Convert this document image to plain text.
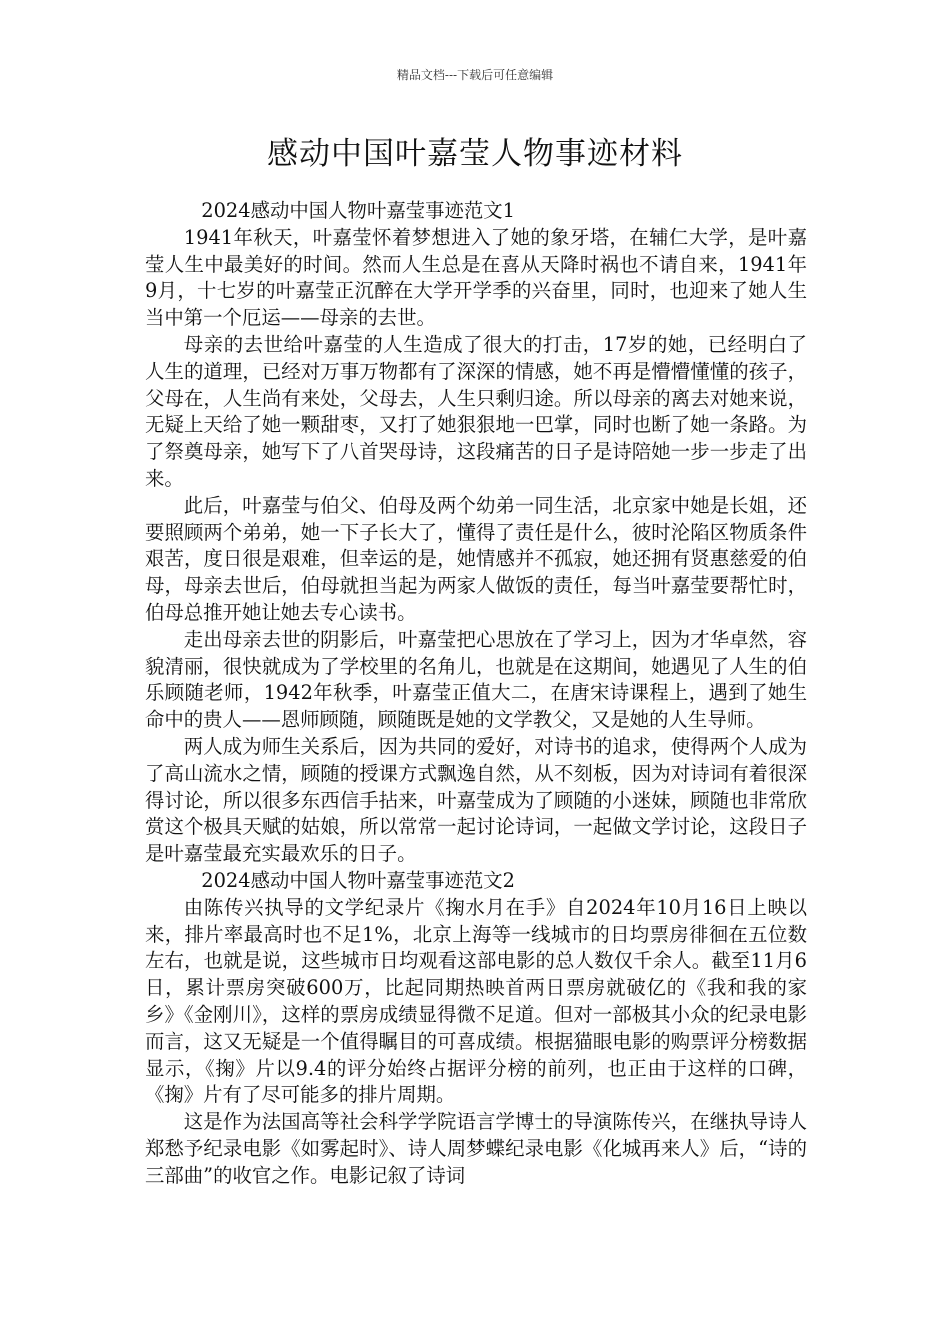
精品文档---下载后可任意编辑
感动中国叶嘉莹人物事迹材料

2024感动中国人物叶嘉莹事迹范文1

1941年秋天，叶嘉莹怀着梦想进入了她的象牙塔，在辅仁大学，是叶嘉莹人生中最美好的时间。然而人生总是在喜从天降时祸也不请自来，1941年9月，十七岁的叶嘉莹正沉醉在大学开学季的兴奋里，同时，也迎来了她人生当中第一个厄运——母亲的去世。

母亲的去世给叶嘉莹的人生造成了很大的打击，17岁的她，已经明白了人生的道理，已经对万事万物都有了深深的情感，她不再是懵懵懂懂的孩子，父母在，人生尚有来处，父母去，人生只剩归途。所以母亲的离去对她来说，无疑上天给了她一颗甜枣，又打了她狠狠地一巴掌，同时也断了她一条路。为了祭奠母亲，她写下了八首哭母诗，这段痛苦的日子是诗陪她一步一步走了出来。

此后，叶嘉莹与伯父、伯母及两个幼弟一同生活，北京家中她是长姐，还要照顾两个弟弟，她一下子长大了，懂得了责任是什么，彼时沦陷区物质条件艰苦，度日很是艰难，但幸运的是，她情感并不孤寂，她还拥有贤惠慈爱的伯母，母亲去世后，伯母就担当起为两家人做饭的责任，每当叶嘉莹要帮忙时，伯母总推开她让她去专心读书。

走出母亲去世的阴影后，叶嘉莹把心思放在了学习上，因为才华卓然，容貌清丽，很快就成为了学校里的名角儿，也就是在这期间，她遇见了人生的伯乐顾随老师，1942年秋季，叶嘉莹正值大二，在唐宋诗课程上，遇到了她生命中的贵人——恩师顾随，顾随既是她的文学教父，又是她的人生导师。

两人成为师生关系后，因为共同的爱好，对诗书的追求，使得两个人成为了高山流水之情，顾随的授课方式飘逸自然，从不刻板，因为对诗词有着很深得讨论，所以很多东西信手拈来，叶嘉莹成为了顾随的小迷妹，顾随也非常欣赏这个极具天赋的姑娘，所以常常一起讨论诗词，一起做文学讨论，这段日子是叶嘉莹最充实最欢乐的日子。

2024感动中国人物叶嘉莹事迹范文2

由陈传兴执导的文学纪录片《掬水月在手》自2024年10月16日上映以来，排片率最高时也不足1%，北京上海等一线城市的日均票房徘徊在五位数左右，也就是说，这些城市日均观看这部电影的总人数仅千余人。截至11月6日，累计票房突破600万，比起同期热映首两日票房就破亿的《我和我的家乡》《金刚川》，这样的票房成绩显得微不足道。但对一部极其小众的纪录电影而言，这又无疑是一个值得瞩目的可喜成绩。根据猫眼电影的购票评分榜数据显示，《掬》片以9.4的评分始终占据评分榜的前列，也正由于这样的口碑，《掬》片有了尽可能多的排片周期。

这是作为法国高等社会科学学院语言学博士的导演陈传兴，在继执导诗人郑愁予纪录电影《如雾起时》、诗人周梦蝶纪录电影《化城再来人》后，“诗的三部曲”的收官之作。电影记叙了诗词
